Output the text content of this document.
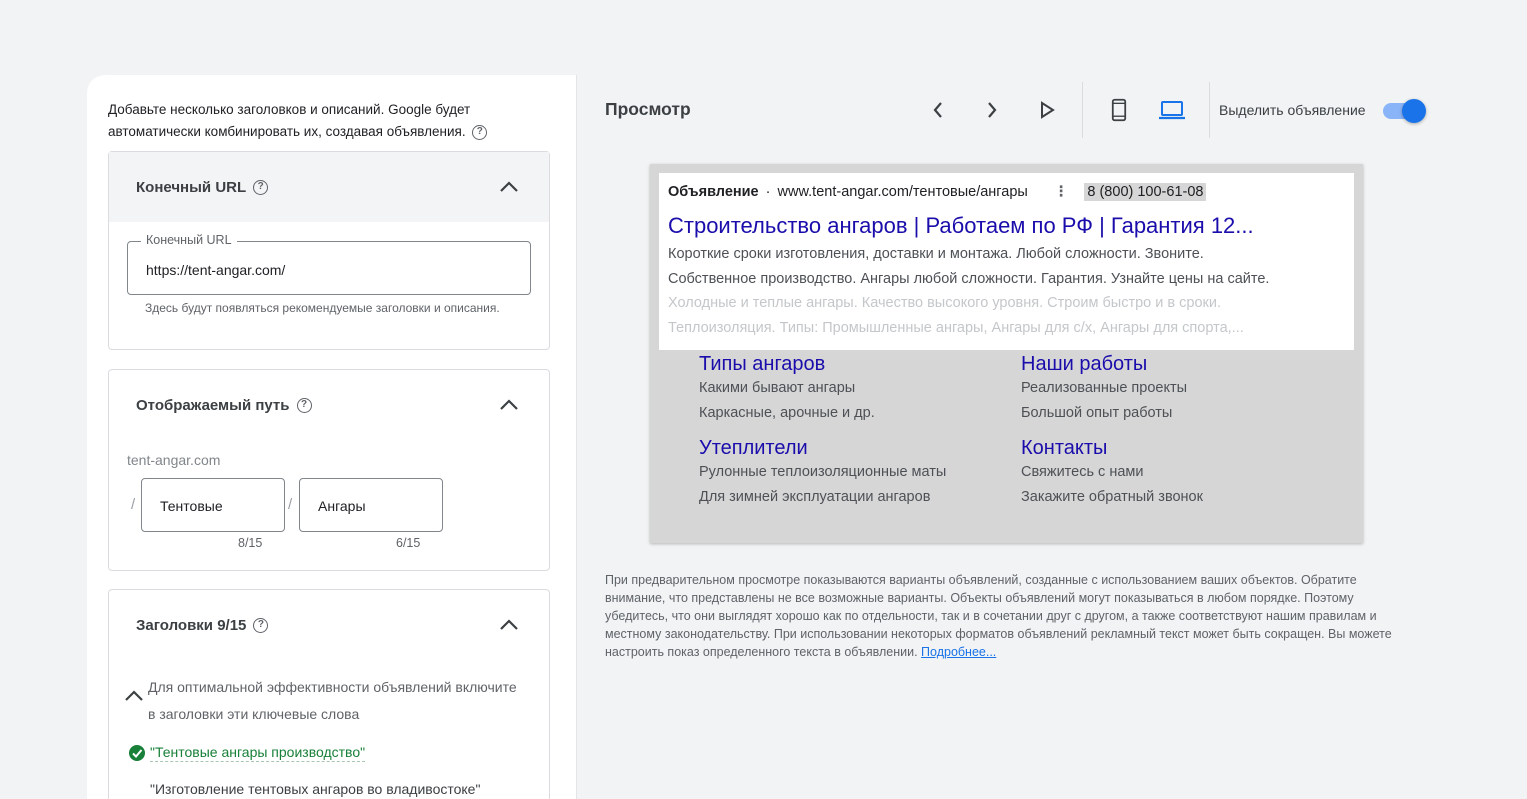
Добавьте несколько заголовков и описаний. Google будет автоматически комбинировать их, создавая объявления. ?
Конечный URL	?
Конечный URL
https://tent-angar.com/
Здесь будут появляться рекомендуемые заголовки и описания.
Отображаемый путь	?
tent-angar.com
/	Тентовые	/	Ангары
8/15	6/15
Заголовки 9/15	?
Для оптимальной эффективности объявлений включите в заголовки эти ключевые слова
"Тентовые ангары производство"
"Изготовление тентовых ангаров во владивостоке"
Просмотр	Выделить объявление
Объявление · www.tent-angar.com/тентовые/ангары ⋮ 8 (800) 100-61-08
Строительство ангаров | Работаем по РФ | Гарантия 12...
Короткие сроки изготовления, доставки и монтажа. Любой сложности. Звоните.
Собственное производство. Ангары любой сложности. Гарантия. Узнайте цены на сайте.
Холодные и теплые ангары. Качество высокого уровня. Строим быстро и в сроки.
Теплоизоляция. Типы: Промышленные ангары, Ангары для с/х, Ангары для спорта,...
Типы ангаров
Какими бывают ангары
Каркасные, арочные и др.
Наши работы
Реализованные проекты
Большой опыт работы
Утеплители
Рулонные теплоизоляционные маты
Для зимней эксплуатации ангаров
Контакты
Свяжитесь с нами
Закажите обратный звонок
При предварительном просмотре показываются варианты объявлений, созданные с использованием ваших объектов. Обратите внимание, что представлены не все возможные варианты. Объекты объявлений могут показываться в любом порядке. Поэтому убедитесь, что они выглядят хорошо как по отдельности, так и в сочетании друг с другом, а также соответствуют нашим правилам и местному законодательству. При использовании некоторых форматов объявлений рекламный текст может быть сокращен. Вы можете настроить показ определенного текста в объявлении. Подробнее...
